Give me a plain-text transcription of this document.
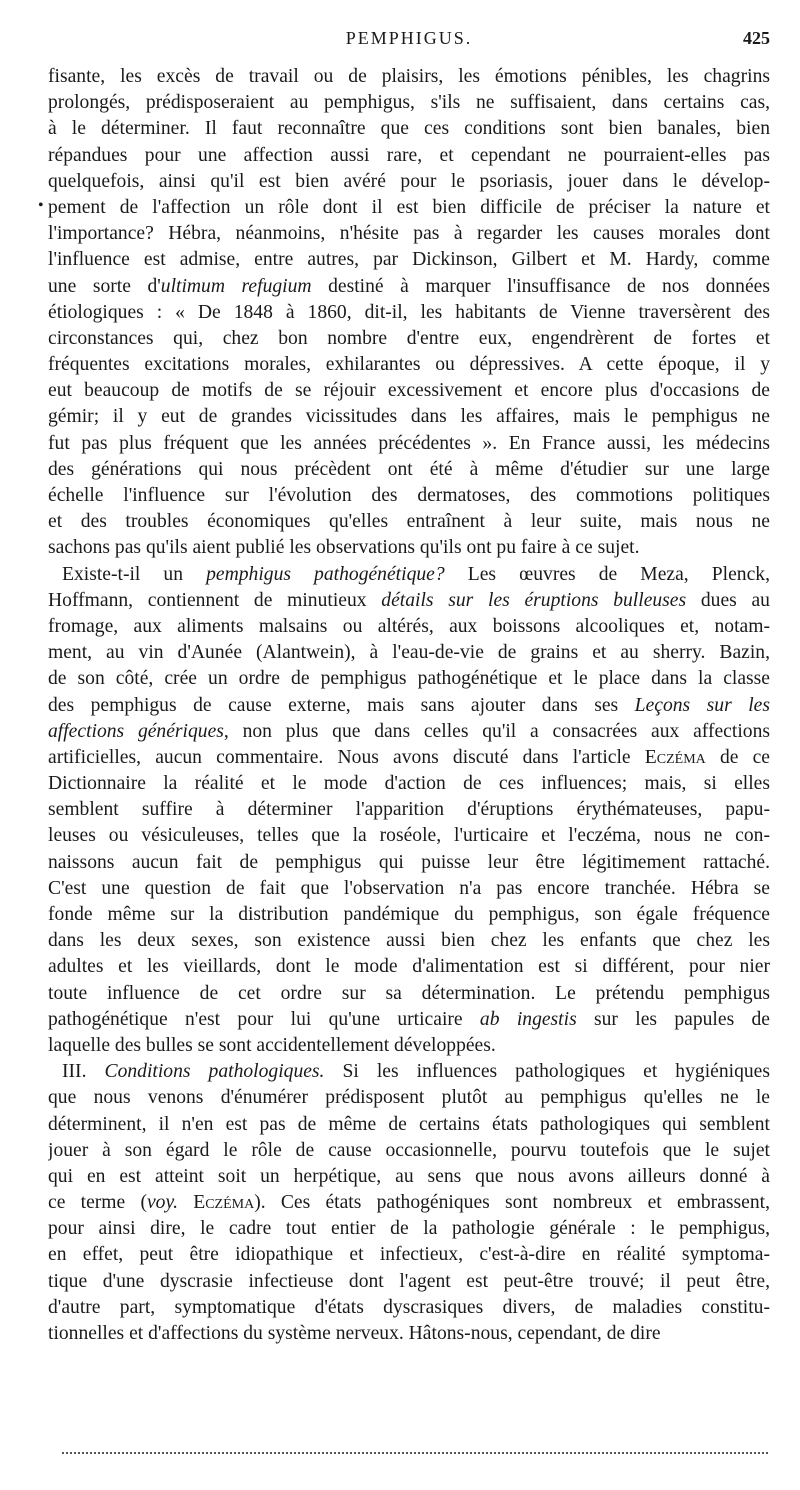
PEMPHIGUS.	425
•
fisante, les excès de travail ou de plaisirs, les émotions pénibles, les chagrins
prolongés, prédisposeraient au pemphigus, s'ils ne suffisaient, dans certains cas,
à le déterminer. Il faut reconnaître que ces conditions sont bien banales, bien
répandues pour une affection aussi rare, et cependant ne pourraient-elles pas
quelquefois, ainsi qu'il est bien avéré pour le psoriasis, jouer dans le dévelop-
pement de l'affection un rôle dont il est bien difficile de préciser la nature et
l'importance? Hébra, néanmoins, n'hésite pas à regarder les causes morales dont
l'influence est admise, entre autres, par Dickinson, Gilbert et M. Hardy, comme
une sorte d'ultimum refugium destiné à marquer l'insuffisance de nos données
étiologiques : « De 1848 à 1860, dit-il, les habitants de Vienne traversèrent des
circonstances qui, chez bon nombre d'entre eux, engendrèrent de fortes et
fréquentes excitations morales, exhilarantes ou dépressives. A cette époque, il y
eut beaucoup de motifs de se réjouir excessivement et encore plus d'occasions de
gémir; il y eut de grandes vicissitudes dans les affaires, mais le pemphigus ne
fut pas plus fréquent que les années précédentes ». En France aussi, les médecins
des générations qui nous précèdent ont été à même d'étudier sur une large
échelle l'influence sur l'évolution des dermatoses, des commotions politiques
et des troubles économiques qu'elles entraînent à leur suite, mais nous ne
sachons pas qu'ils aient publié les observations qu'ils ont pu faire à ce sujet.
Existe-t-il un pemphigus pathogénétique? Les œuvres de Meza, Plenck,
Hoffmann, contiennent de minutieux détails sur les éruptions bulleuses dues au
fromage, aux aliments malsains ou altérés, aux boissons alcooliques et, notam-
ment, au vin d'Aunée (Alantwein), à l'eau-de-vie de grains et au sherry. Bazin,
de son côté, crée un ordre de pemphigus pathogénétique et le place dans la classe
des pemphigus de cause externe, mais sans ajouter dans ses Leçons sur les
affections génériques, non plus que dans celles qu'il a consacrées aux affections
artificielles, aucun commentaire. Nous avons discuté dans l'article Eczéma de ce
Dictionnaire la réalité et le mode d'action de ces influences; mais, si elles
semblent suffire à déterminer l'apparition d'éruptions érythémateuses, papu-
leuses ou vésiculeuses, telles que la roséole, l'urticaire et l'eczéma, nous ne con-
naissons aucun fait de pemphigus qui puisse leur être légitimement rattaché.
C'est une question de fait que l'observation n'a pas encore tranchée. Hébra se
fonde même sur la distribution pandémique du pemphigus, son égale fréquence
dans les deux sexes, son existence aussi bien chez les enfants que chez les
adultes et les vieillards, dont le mode d'alimentation est si différent, pour nier
toute influence de cet ordre sur sa détermination. Le prétendu pemphigus
pathogénétique n'est pour lui qu'une urticaire ab ingestis sur les papules de
laquelle des bulles se sont accidentellement développées.
III. Conditions pathologiques. Si les influences pathologiques et hygiéniques
que nous venons d'énumérer prédisposent plutôt au pemphigus qu'elles ne le
déterminent, il n'en est pas de même de certains états pathologiques qui semblent
jouer à son égard le rôle de cause occasionnelle, pourvu toutefois que le sujet
qui en est atteint soit un herpétique, au sens que nous avons ailleurs donné à
ce terme (voy. Eczéma). Ces états pathogéniques sont nombreux et embrassent,
pour ainsi dire, le cadre tout entier de la pathologie générale : le pemphigus,
en effet, peut être idiopathique et infectieux, c'est-à-dire en réalité symptoma-
tique d'une dyscrasie infectieuse dont l'agent est peut-être trouvé; il peut être,
d'autre part, symptomatique d'états dyscrasiques divers, de maladies constitu-
tionnelles et d'affections du système nerveux. Hâtons-nous, cependant, de dire
